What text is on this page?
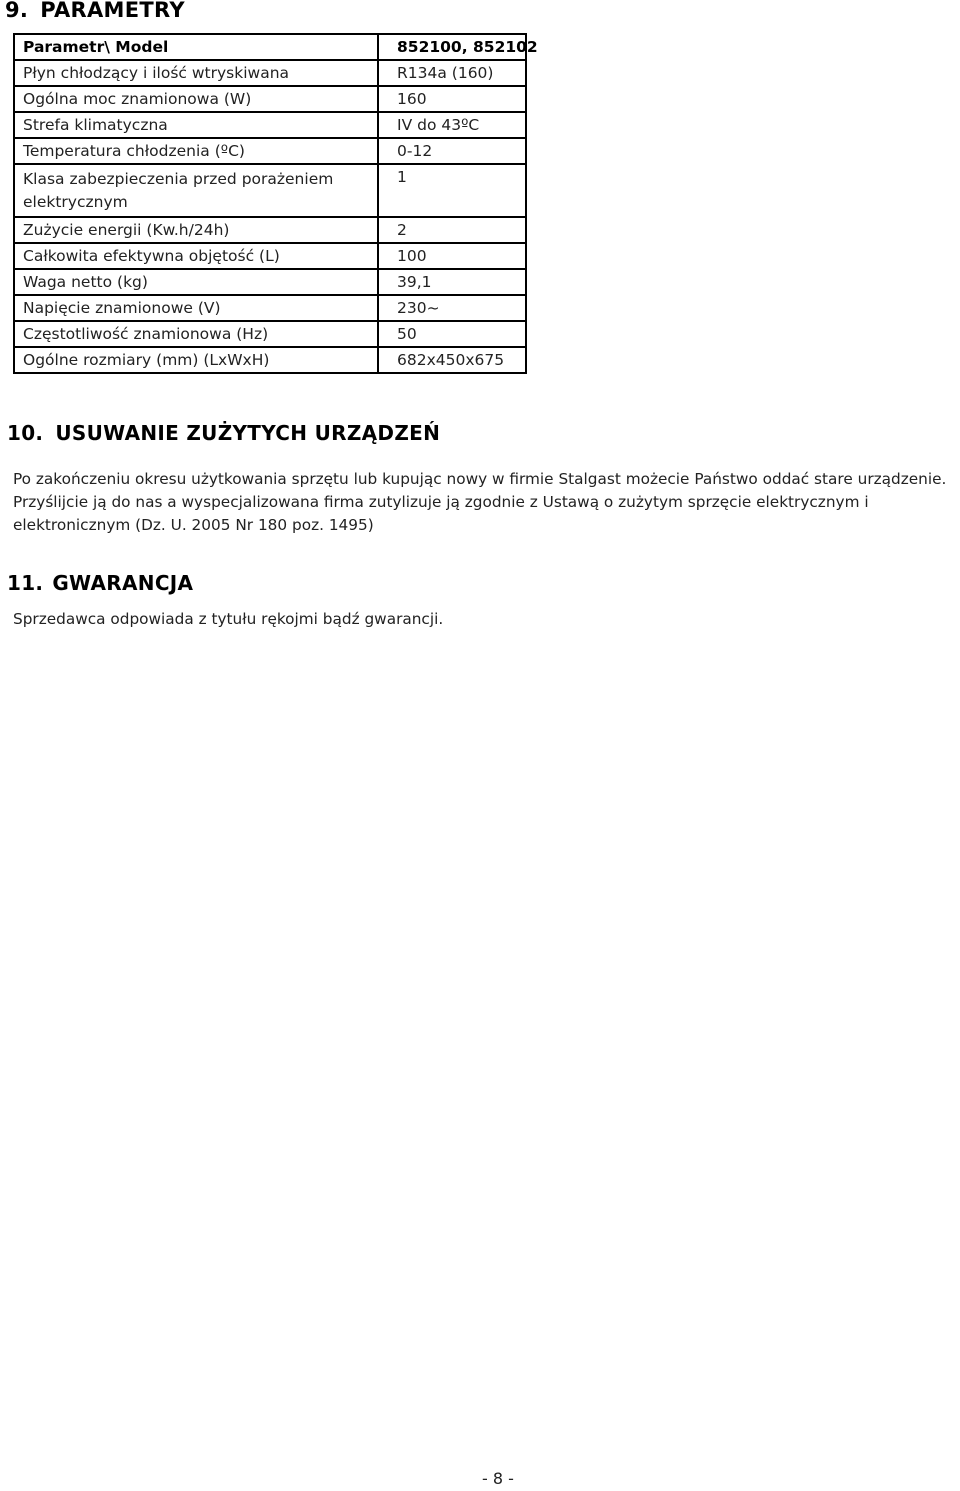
9. PARAMETRY
Parametr\ Model	852100, 852102
Płyn chłodzący i ilość wtryskiwana	R134a (160)
Ogólna moc znamionowa (W)	160
Strefa klimatyczna	IV do 43ºC
Temperatura chłodzenia (ºC)	0-12
Klasa zabezpieczenia przed porażeniem elektrycznym	1
Zużycie energii (Kw.h/24h)	2
Całkowita efektywna objętość (L)	100
Waga netto (kg)	39,1
Napięcie znamionowe (V)	230~
Częstotliwość znamionowa (Hz)	50
Ogólne rozmiary (mm) (LxWxH)	682x450x675
10. USUWANIE ZUŻYTYCH URZĄDZEŃ

Po zakończeniu okresu użytkowania sprzętu lub kupując nowy w firmie Stalgast możecie Państwo oddać stare urządzenie. Przyślijcie ją do nas a wyspecjalizowana firma zutylizuje ją zgodnie z Ustawą o zużytym sprzęcie elektrycznym i elektronicznym (Dz. U. 2005 Nr 180 poz. 1495)

11. GWARANCJA

Sprzedawca odpowiada z tytułu rękojmi bądź gwarancji.

- 8 -
